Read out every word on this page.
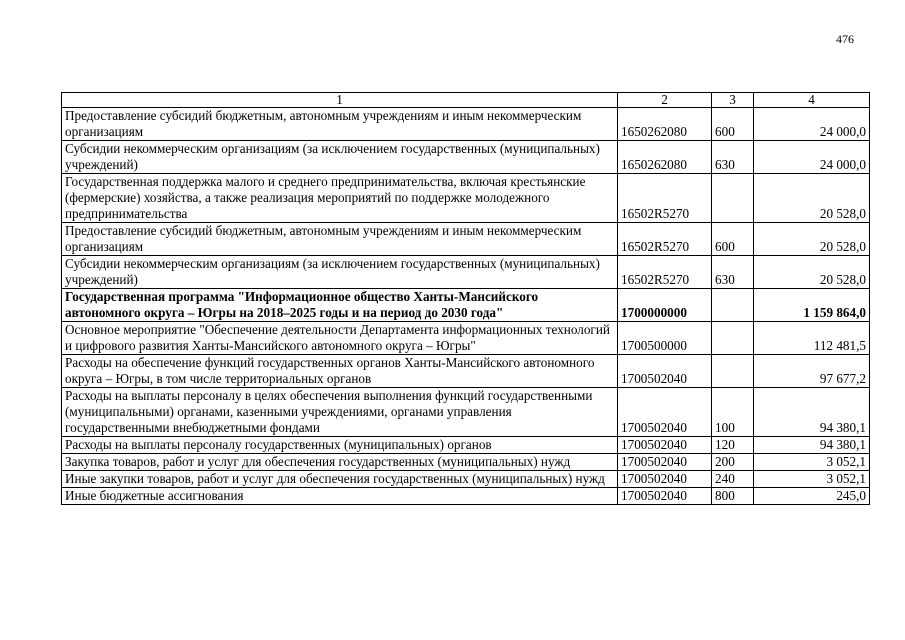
476
1	2	3	4
Предоставление субсидий бюджетным, автономным учреждениям и иным некоммерческим организациям	1650262080	600	24 000,0
Субсидии некоммерческим организациям (за исключением государственных (муниципальных) учреждений)	1650262080	630	24 000,0
Государственная поддержка малого и среднего предпринимательства, включая крестьянские (фермерские) хозяйства, а также реализация мероприятий по поддержке молодежного предпринимательства	16502R5270		20 528,0
Предоставление субсидий бюджетным, автономным учреждениям и иным некоммерческим организациям	16502R5270	600	20 528,0
Субсидии некоммерческим организациям (за исключением государственных (муниципальных) учреждений)	16502R5270	630	20 528,0
Государственная программа "Информационное общество Ханты-Мансийского автономного округа – Югры на 2018–2025 годы и на период до 2030 года"	1700000000		1 159 864,0
Основное мероприятие "Обеспечение деятельности Департамента информационных технологий и цифрового развития Ханты-Мансийского автономного округа – Югры"	1700500000		112 481,5
Расходы на обеспечение функций государственных органов Ханты-Мансийского автономного округа – Югры, в том числе территориальных органов	1700502040		97 677,2
Расходы на выплаты персоналу в целях обеспечения выполнения функций государственными (муниципальными) органами, казенными учреждениями, органами управления государственными внебюджетными фондами	1700502040	100	94 380,1
Расходы на выплаты персоналу государственных (муниципальных) органов	1700502040	120	94 380,1
Закупка товаров, работ и услуг для обеспечения государственных (муниципальных) нужд	1700502040	200	3 052,1
Иные закупки товаров, работ и услуг для обеспечения государственных (муниципальных) нужд	1700502040	240	3 052,1
Иные бюджетные ассигнования	1700502040	800	245,0
